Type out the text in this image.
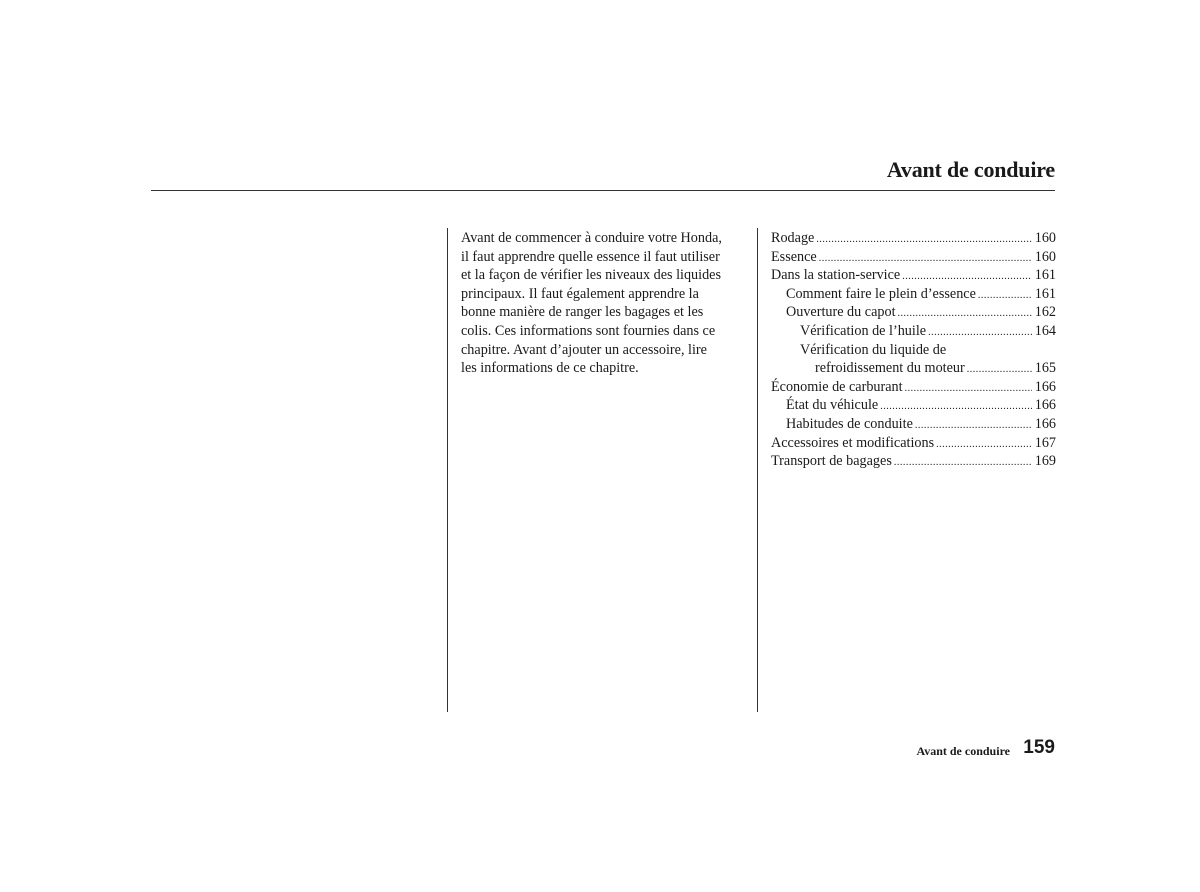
Avant de conduire

Avant de commencer à conduire votre Honda,
il faut apprendre quelle essence il faut utiliser
et la façon de vérifier les niveaux des liquides
principaux. Il faut également apprendre la
bonne manière de ranger les bagages et les
colis. Ces informations sont fournies dans ce
chapitre. Avant d’ajouter un accessoire, lire
les informations de ce chapitre.

Rodage .....	160
Essence .....	160
Dans la station-service .....	161
Comment faire le plein d’essence .....	161
Ouverture du capot .....	162
Vérification de l’huile .....	164
Vérification du liquide de
refroidissement du moteur .....	165
Économie de carburant .....	166
État du véhicule .....	166
Habitudes de conduite .....	166
Accessoires et modifications .....	167
Transport de bagages .....	169
Avant de conduire 159
